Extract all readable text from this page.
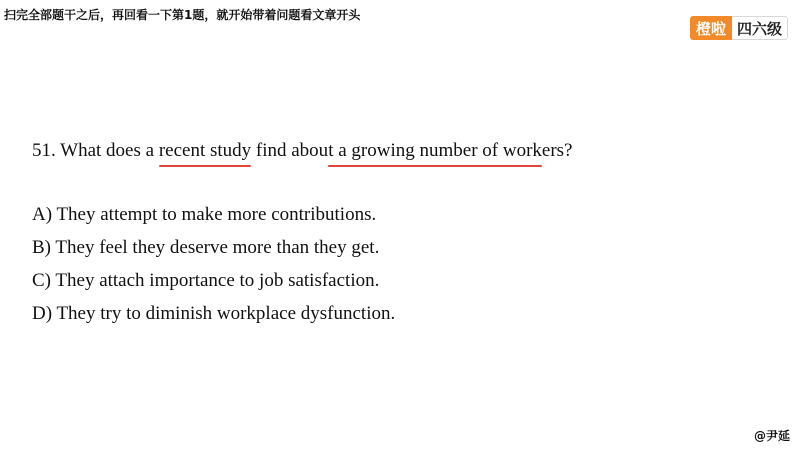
扫完全部题干之后，再回看一下第1题，就开始带着问题看文章开头
橙啦 四六级
51. What does a recent study find about a growing number of workers?
A) They attempt to make more contributions.
B) They feel they deserve more than they get.
C) They attach importance to job satisfaction.
D) They try to diminish workplace dysfunction.
@尹延
